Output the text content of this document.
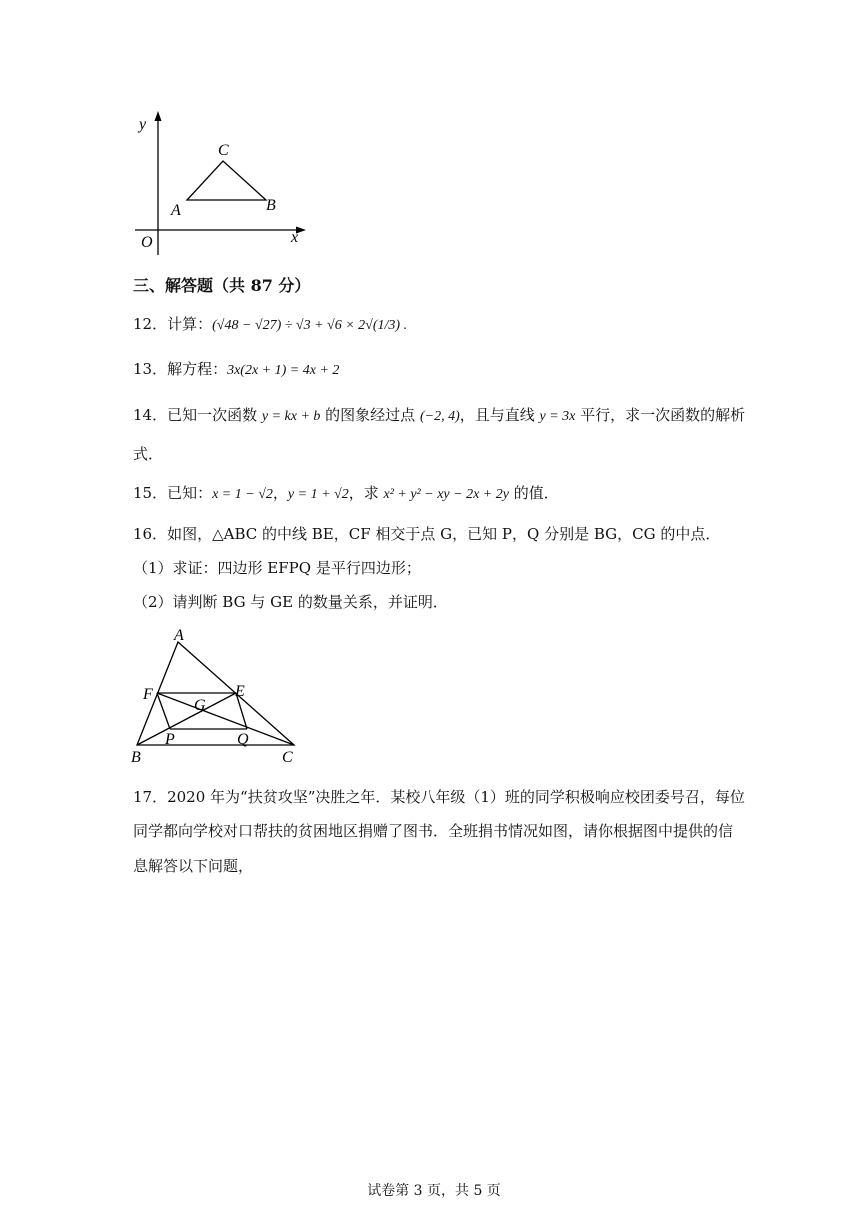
y
x
O
A	B
C
三、解答题（共 87 分）
12．计算：(√48 − √27) ÷ √3 + √6 × 2√(1/3) .
13．解方程：3x(2x + 1) = 4x + 2
14．已知一次函数 y = kx + b 的图象经过点 (−2, 4)，且与直线 y = 3x 平行，求一次函数的解析
式．
15．已知：x = 1 − √2，y = 1 + √2，求 x² + y² − xy − 2x + 2y 的值．
16．如图，△ABC 的中线 BE，CF 相交于点 G，已知 P，Q 分别是 BG，CG 的中点．
（1）求证：四边形 EFPQ 是平行四边形；
（2）请判断 BG 与 GE 的数量关系，并证明．
A
B	C
E
F
G
P	Q
17．2020 年为“扶贫攻坚”决胜之年．某校八年级（1）班的同学积极响应校团委号召，每位
同学都向学校对口帮扶的贫困地区捐赠了图书．全班捐书情况如图，请你根据图中提供的信
息解答以下问题，
试卷第 3 页，共 5 页
